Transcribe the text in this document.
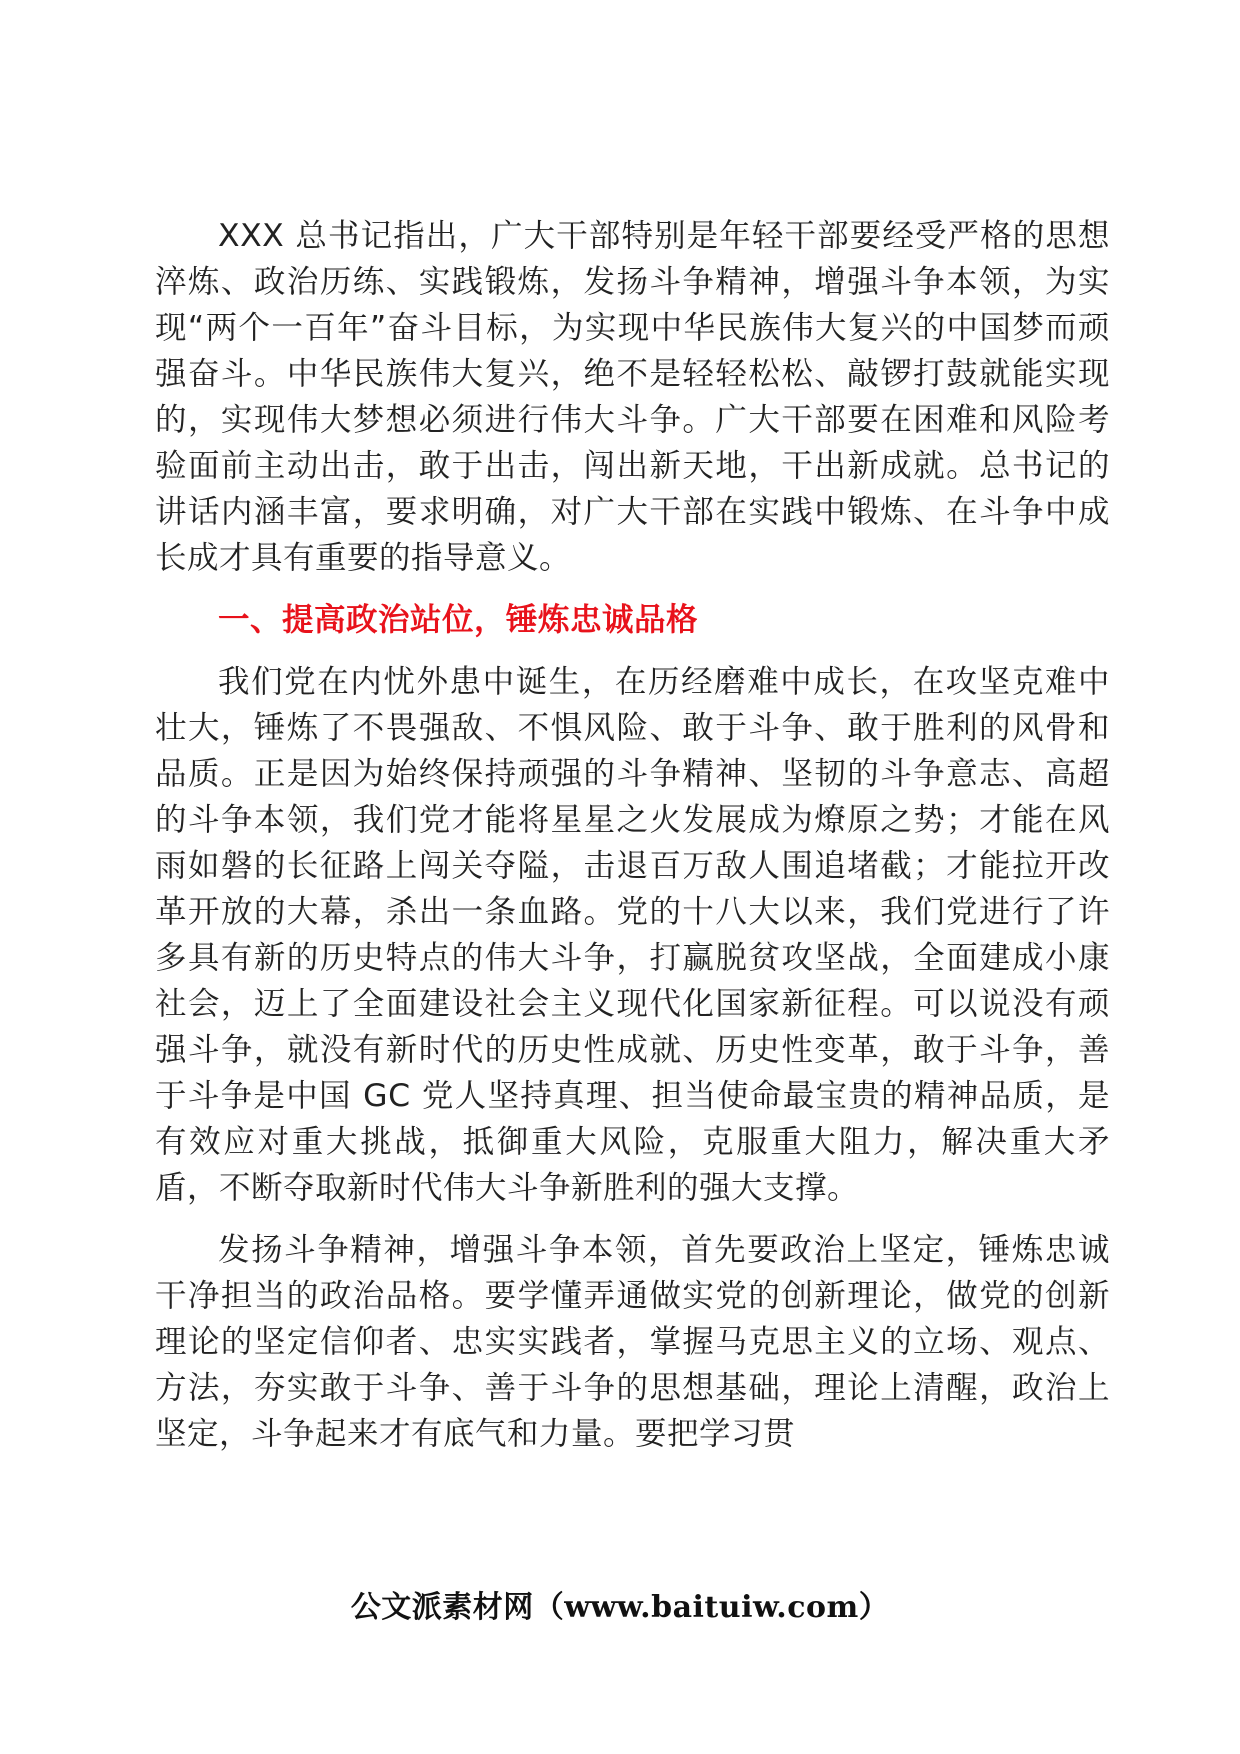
XXX 总书记指出，广大干部特别是年轻干部要经受严格的思想淬炼、政治历练、实践锻炼，发扬斗争精神，增强斗争本领，为实现“两个一百年”奋斗目标，为实现中华民族伟大复兴的中国梦而顽强奋斗。中华民族伟大复兴，绝不是轻轻松松、敲锣打鼓就能实现的，实现伟大梦想必须进行伟大斗争。广大干部要在困难和风险考验面前主动出击，敢于出击，闯出新天地，干出新成就。总书记的讲话内涵丰富，要求明确，对广大干部在实践中锻炼、在斗争中成长成才具有重要的指导意义。

一、提高政治站位，锤炼忠诚品格

我们党在内忧外患中诞生，在历经磨难中成长，在攻坚克难中壮大，锤炼了不畏强敌、不惧风险、敢于斗争、敢于胜利的风骨和品质。正是因为始终保持顽强的斗争精神、坚韧的斗争意志、高超的斗争本领，我们党才能将星星之火发展成为燎原之势；才能在风雨如磐的长征路上闯关夺隘，击退百万敌人围追堵截；才能拉开改革开放的大幕，杀出一条血路。党的十八大以来，我们党进行了许多具有新的历史特点的伟大斗争，打赢脱贫攻坚战，全面建成小康社会，迈上了全面建设社会主义现代化国家新征程。可以说没有顽强斗争，就没有新时代的历史性成就、历史性变革，敢于斗争，善于斗争是中国 GC 党人坚持真理、担当使命最宝贵的精神品质，是有效应对重大挑战，抵御重大风险，克服重大阻力，解决重大矛盾，不断夺取新时代伟大斗争新胜利的强大支撑。

发扬斗争精神，增强斗争本领，首先要政治上坚定，锤炼忠诚干净担当的政治品格。要学懂弄通做实党的创新理论，做党的创新理论的坚定信仰者、忠实实践者，掌握马克思主义的立场、观点、方法，夯实敢于斗争、善于斗争的思想基础，理论上清醒，政治上坚定，斗争起来才有底气和力量。要把学习贯

公文派素材网（www.baituiw.com）
